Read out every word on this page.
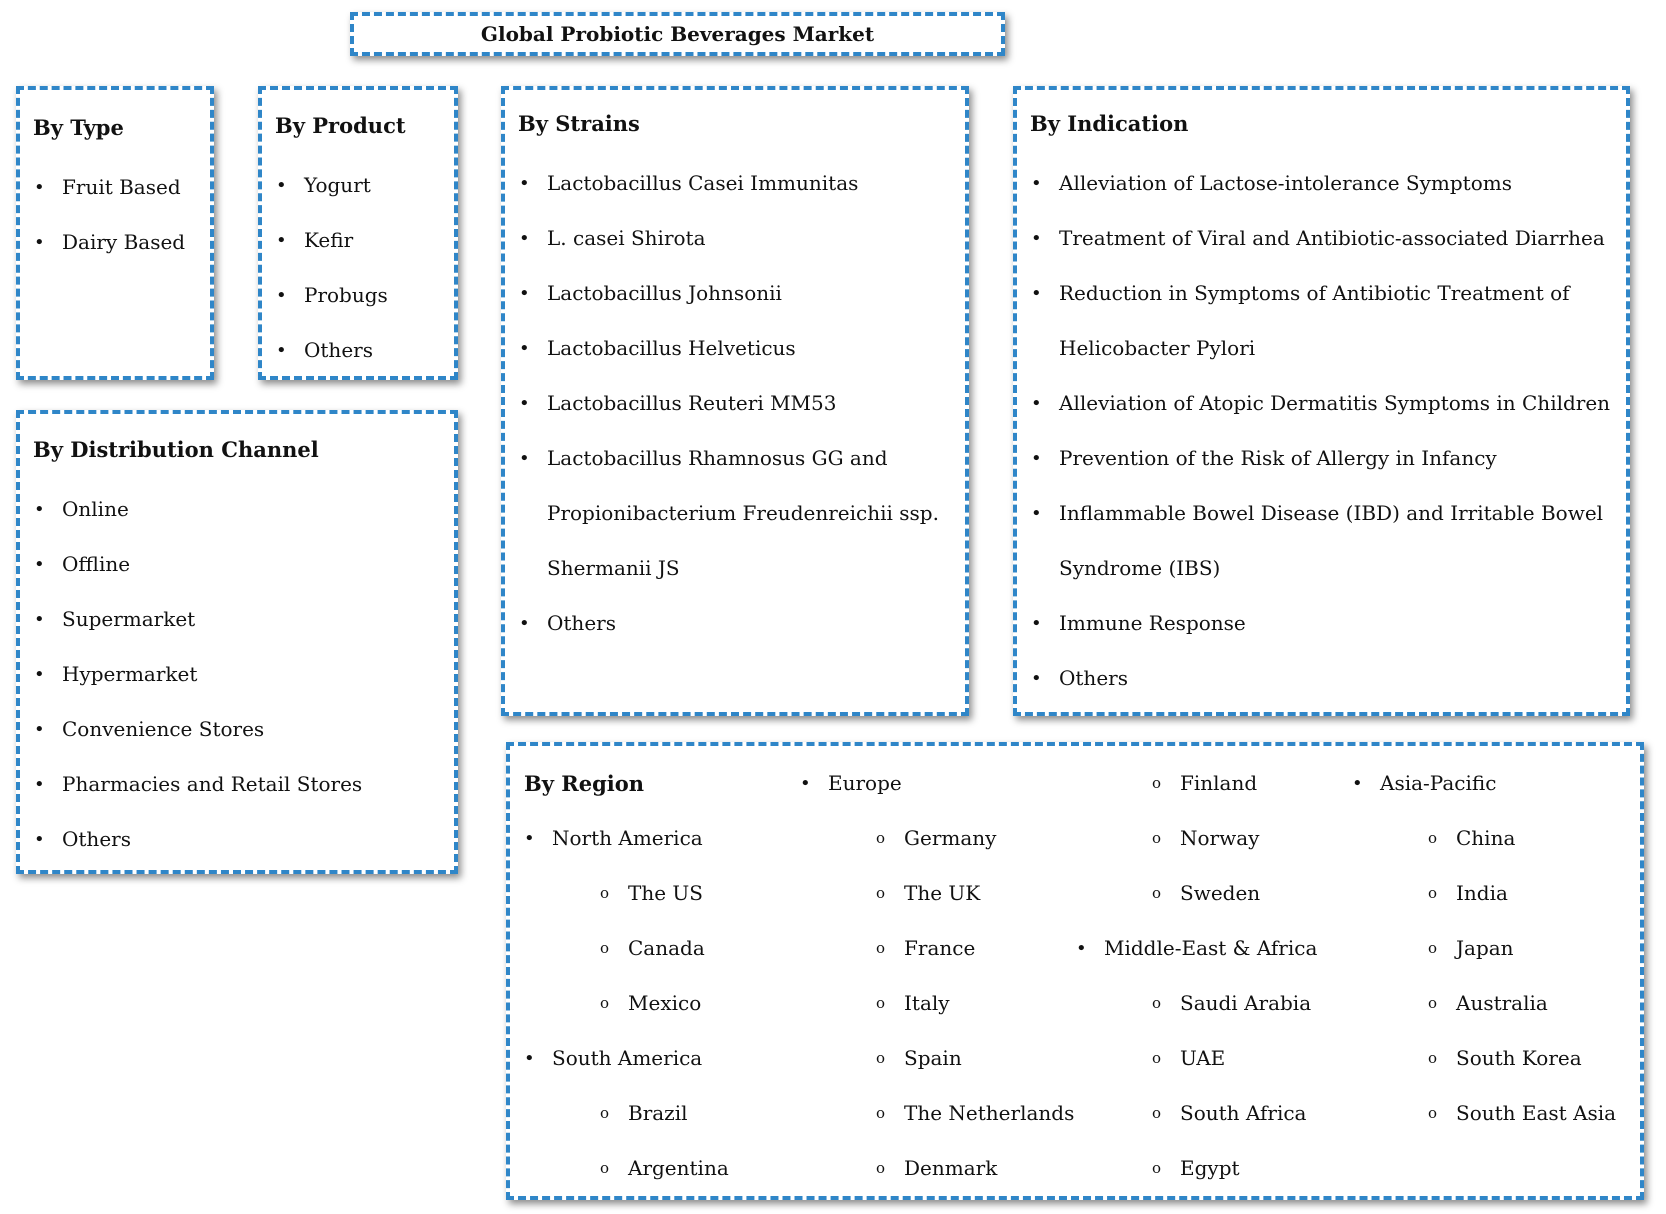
Global Probiotic Beverages Market
By Type
• Fruit Based
• Dairy Based
By Product
• Yogurt
• Kefir
• Probugs
• Others
By Strains
• Lactobacillus Casei Immunitas
• L. casei Shirota
• Lactobacillus Johnsonii
• Lactobacillus Helveticus
• Lactobacillus Reuteri MM53
• Lactobacillus Rhamnosus GG and
Propionibacterium Freudenreichii ssp.
Shermanii JS
• Others
By Indication
• Alleviation of Lactose-intolerance Symptoms
• Treatment of Viral and Antibiotic-associated Diarrhea
• Reduction in Symptoms of Antibiotic Treatment of
Helicobacter Pylori
• Alleviation of Atopic Dermatitis Symptoms in Children
• Prevention of the Risk of Allergy in Infancy
• Inflammable Bowel Disease (IBD) and Irritable Bowel
Syndrome (IBS)
• Immune Response
• Others
By Distribution Channel
• Online
• Offline
• Supermarket
• Hypermarket
• Convenience Stores
• Pharmacies and Retail Stores
• Others
By Region
• North America
o The US
o Canada
o Mexico
• South America
o Brazil
o Argentina
• Europe
o Germany
o The UK
o France
o Italy
o Spain
o The Netherlands
o Denmark
o Finland
o Norway
o Sweden
• Middle-East & Africa
o Saudi Arabia
o UAE
o South Africa
o Egypt
• Asia-Pacific
o China
o India
o Japan
o Australia
o South Korea
o South East Asia
